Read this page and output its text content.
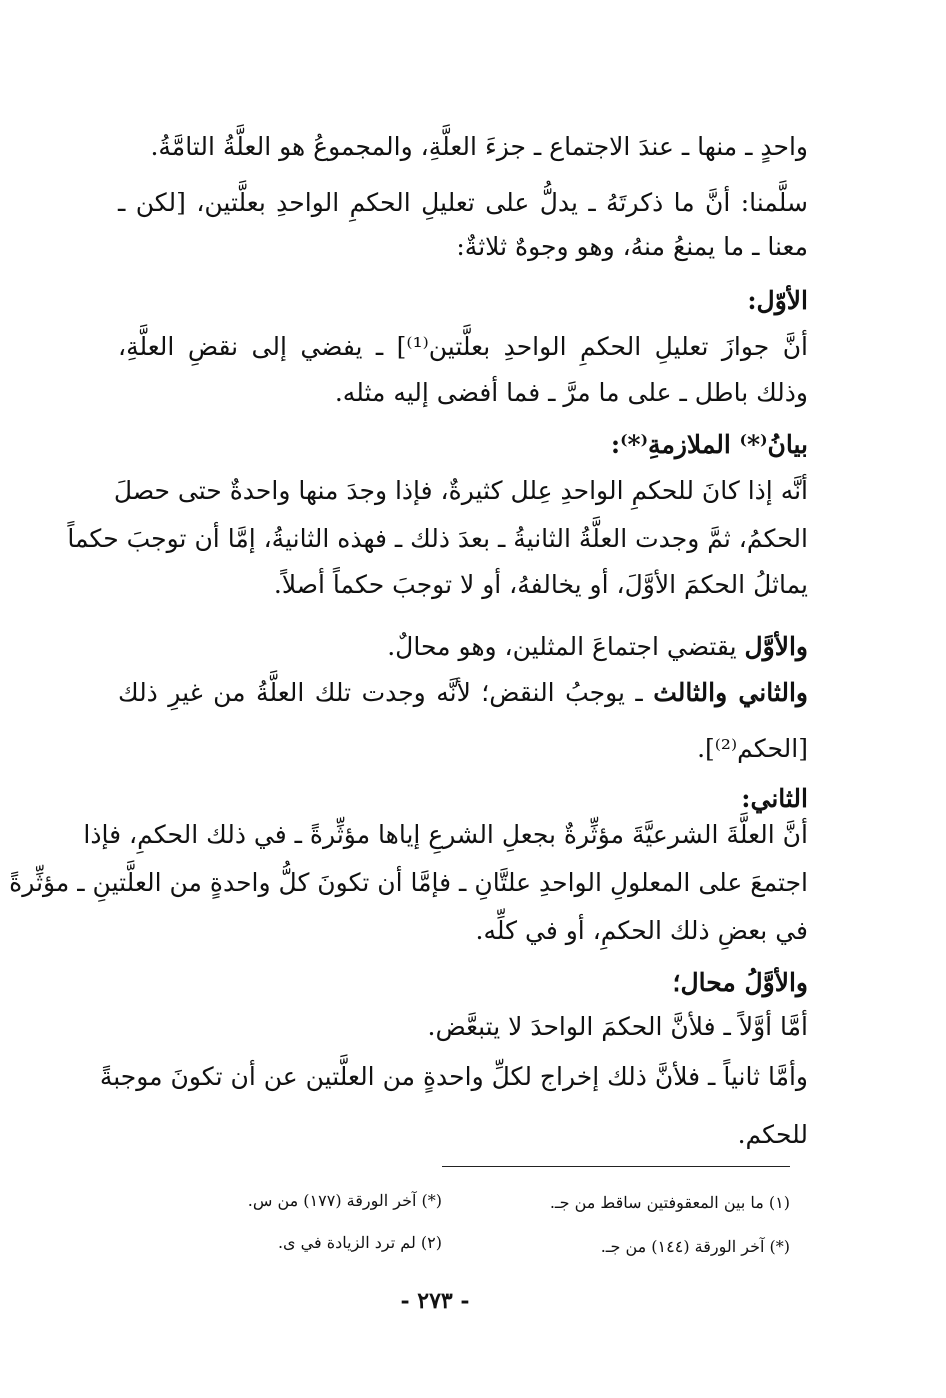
واحدٍ ـ منها ـ عندَ الاجتماع ـ جزءَ العلَّةِ، والمجموعُ هو العلَّةُ التامَّةُ.
سلَّمنا: أنَّ ما ذكرتَهُ ـ يدلُّ على تعليلِ الحكمِ الواحدِ بعلَّتين، [لكن ـ
معنا ـ ما يمنعُ منهُ، وهو وجوهٌ ثلاثةٌ:
الأوّل:
أنَّ جوازَ تعليلِ الحكمِ الواحدِ بعلَّتين⁽¹⁾] ـ يفضي إلى نقضِ العلَّةِ،
وذلك باطل ـ على ما مرَّ ـ فما أفضى إليه مثله.
بيانُ⁽*⁾ الملازمةِ⁽*⁾:
أنَّه إذا كانَ للحكمِ الواحدِ عِلل كثيرةٌ، فإذا وجدَ منها واحدةٌ حتى حصلَ
الحكمُ، ثمَّ وجدت العلَّةُ الثانيةُ ـ بعدَ ذلك ـ فهذه الثانيةُ، إمَّا أن توجبَ حكماً
يماثلُ الحكمَ الأوَّلَ، أو يخالفهُ، أو لا توجبَ حكماً أصلاً.
والأوَّل يقتضي اجتماعَ المثلين، وهو محالٌ.
والثاني والثالث ـ يوجبُ النقض؛ لأنَّه وجدت تلك العلَّةُ من غيرِ ذلك
[الحكم⁽²⁾].
الثاني:
أنَّ العلَّةَ الشرعيَّةَ مؤثِّرةٌ بجعلِ الشرعِ إياها مؤثِّرةً ـ في ذلك الحكمِ، فإذا
اجتمعَ على المعلولِ الواحدِ علتَّانِ ـ فإمَّا أن تكونَ كلُّ واحدةٍ من العلَّتينِ ـ مؤثِّرةً
في بعضِ ذلك الحكمِ، أو في كلِّه.
والأوَّلُ محال؛
أمَّا أوَّلاً ـ فلأنَّ الحكمَ الواحدَ لا يتبعَّض.
وأمَّا ثانياً ـ فلأنَّ ذلك إخراج لكلِّ واحدةٍ من العلَّتين عن أن تكونَ موجبةً
للحكم.
(١) ما بين المعقوفتين ساقط من جـ.
(*) آخر الورقة (١٧٧) من س.
(*) آخر الورقة (١٤٤) من جـ.
(٢) لم ترد الزيادة في ى.
- ٢٧٣ -
